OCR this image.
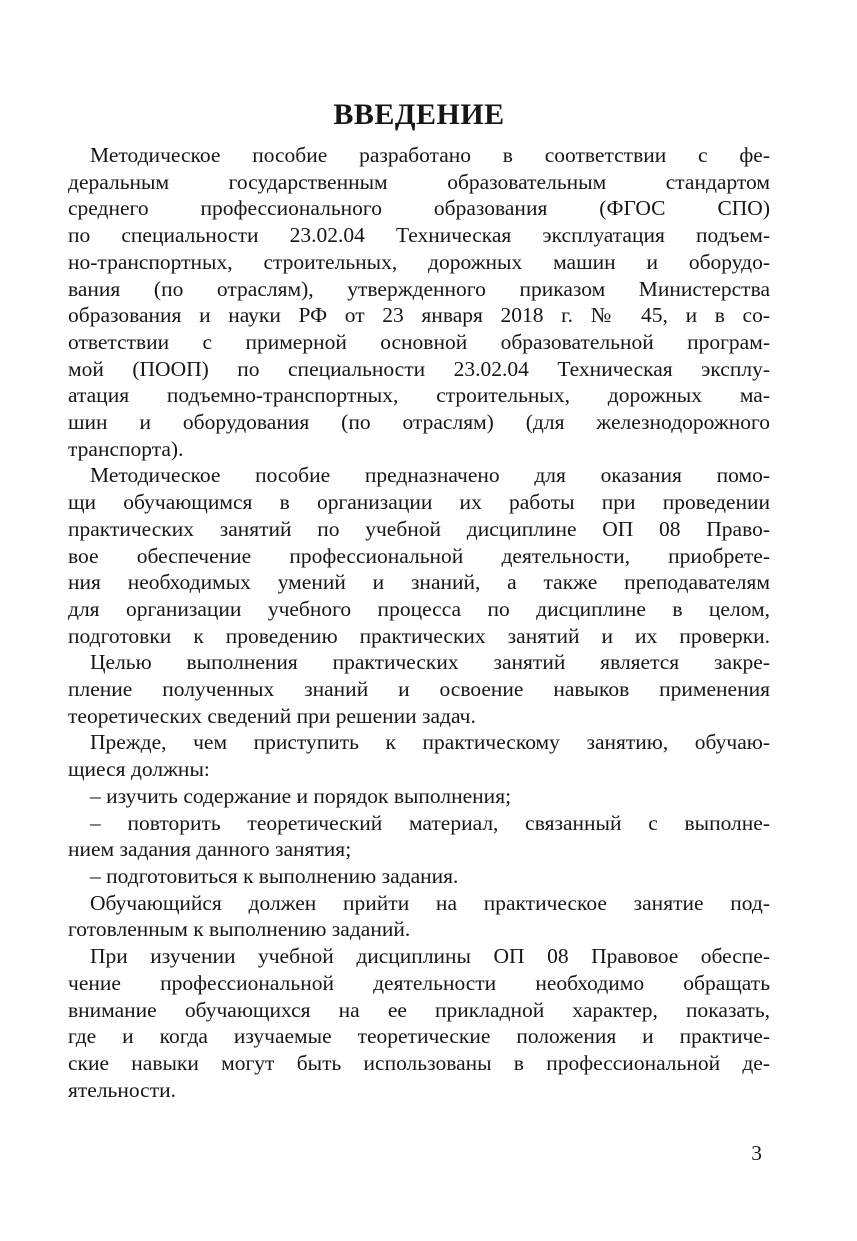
ВВЕДЕНИЕ
Методическое пособие разработано в соответствии с фе-
деральным государственным образовательным стандартом
среднего профессионального образования (ФГОС СПО)
по специальности 23.02.04 Техническая эксплуатация подъем-
но-транспортных, строительных, дорожных машин и оборудо-
вания (по отраслям), утвержденного приказом Министерства
образования и науки РФ от 23 января 2018 г. № 45, и в со-
ответствии с примерной основной образовательной програм-
мой (ПООП) по специальности 23.02.04 Техническая эксплу-
атация подъемно-транспортных, строительных, дорожных ма-
шин и оборудования (по отраслям) (для железнодорожного
транспорта).
Методическое пособие предназначено для оказания помо-
щи обучающимся в организации их работы при проведении
практических занятий по учебной дисциплине ОП 08 Право-
вое обеспечение профессиональной деятельности, приобрете-
ния необходимых умений и знаний, а также преподавателям
для организации учебного процесса по дисциплине в целом,
подготовки к проведению практических занятий и их проверки.
Целью выполнения практических занятий является закре-
пление полученных знаний и освоение навыков применения
теоретических сведений при решении задач.
Прежде, чем приступить к практическому занятию, обучаю-
щиеся должны:
– изучить содержание и порядок выполнения;
– повторить теоретический материал, связанный с выполне-
нием задания данного занятия;
– подготовиться к выполнению задания.
Обучающийся должен прийти на практическое занятие под-
готовленным к выполнению заданий.
При изучении учебной дисциплины ОП 08 Правовое обеспе-
чение профессиональной деятельности необходимо обращать
внимание обучающихся на ее прикладной характер, показать,
где и когда изучаемые теоретические положения и практиче-
ские навыки могут быть использованы в профессиональной де-
ятельности.
3
